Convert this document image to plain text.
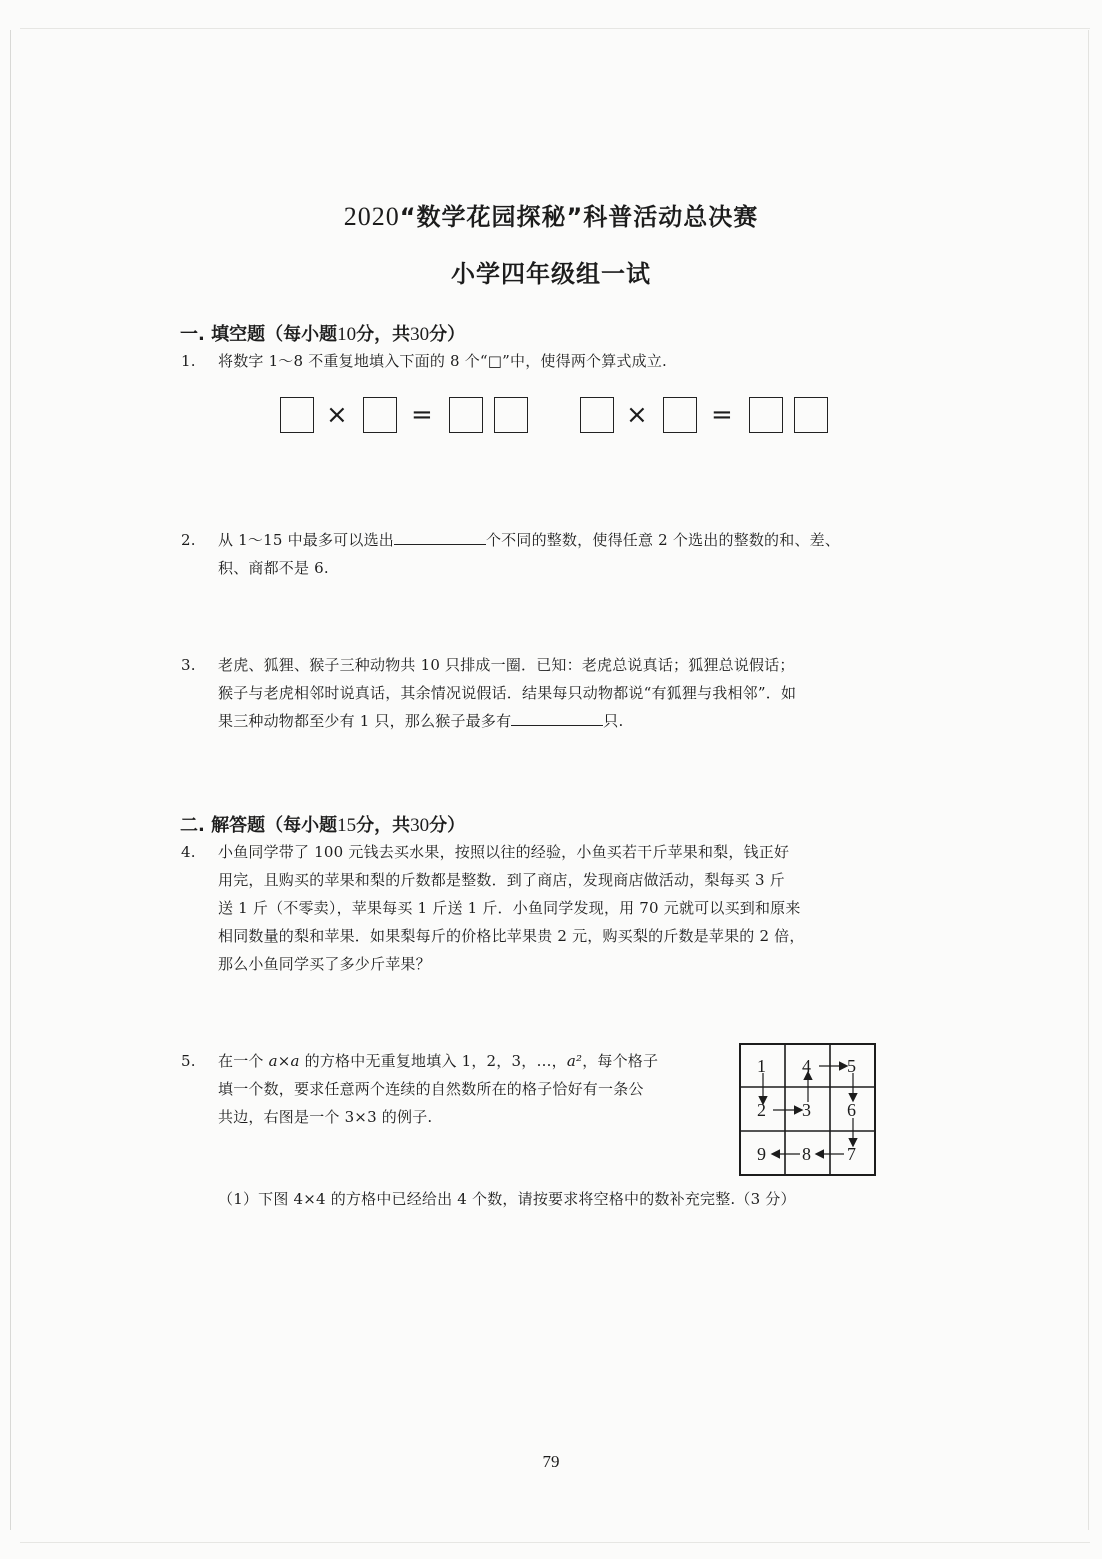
2020“数学花园探秘”科普活动总决赛
小学四年级组一试
一. 填空题（每小题10分，共30分）
1. 将数字 1～8 不重复地填入下面的 8 个“□”中，使得两个算式成立.
× =	× =
2. 从 1～15 中最多可以选出	个不同的整数，使得任意 2 个选出的整数的和、差、
积、商都不是 6.
3. 老虎、狐狸、猴子三种动物共 10 只排成一圈．已知：老虎总说真话；狐狸总说假话；
猴子与老虎相邻时说真话，其余情况说假话．结果每只动物都说“有狐狸与我相邻”．如
果三种动物都至少有 1 只，那么猴子最多有	只.
二. 解答题（每小题15分，共30分）
4. 小鱼同学带了 100 元钱去买水果，按照以往的经验，小鱼买若干斤苹果和梨，钱正好
用完，且购买的苹果和梨的斤数都是整数．到了商店，发现商店做活动，梨每买 3 斤
送 1 斤（不零卖），苹果每买 1 斤送 1 斤．小鱼同学发现，用 70 元就可以买到和原来
相同数量的梨和苹果．如果梨每斤的价格比苹果贵 2 元，购买梨的斤数是苹果的 2 倍，
那么小鱼同学买了多少斤苹果？
5. 在一个 a×a 的方格中无重复地填入 1，2，3，…，a²，每个格子
填一个数，要求任意两个连续的自然数所在的格子恰好有一条公
共边，右图是一个 3×3 的例子.
1 4 5
2 3 6
9 8 7
（1）下图 4×4 的方格中已经给出 4 个数，请按要求将空格中的数补充完整.（3 分）
79
